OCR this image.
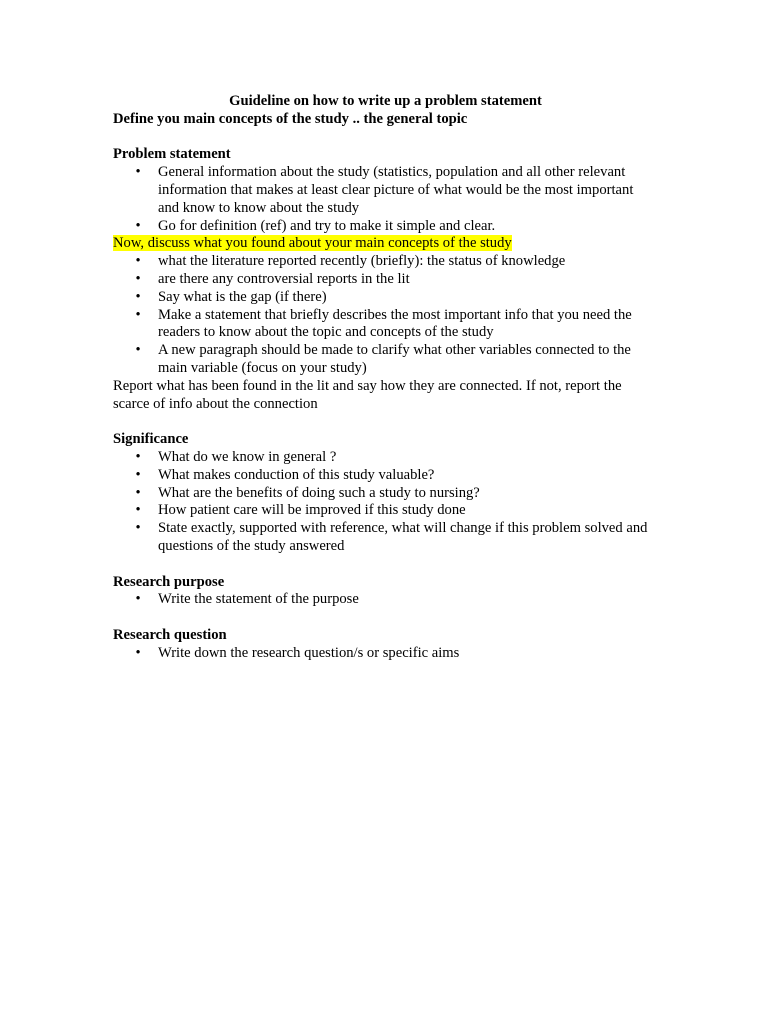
Guideline on how to write up a problem statement

Define you main concepts of the study .. the general topic

Problem statement

• General information about the study (statistics, population and all other relevant information that makes at least clear picture of what would be the most important and know to know about the study
• Go for definition (ref) and try to make it simple and clear.

Now, discuss what you found about your main concepts of the study

• what the literature reported recently (briefly): the status of knowledge
• are there any controversial reports in the lit
• Say what is the gap (if there)
• Make a statement that briefly describes the most important info that you need the readers to know about the topic and concepts of the study
• A new paragraph should be made to clarify what other variables connected to the main variable (focus on your study)

Report what has been found in the lit and say how they are connected. If not, report the scarce of info about the connection

Significance

• What do we know in general ?
• What makes conduction of this study valuable?
• What are the benefits of doing such a study to nursing?
• How patient care will be improved if this study done
• State exactly, supported with reference, what will change if this problem solved and questions of the study answered

Research purpose

• Write the statement of the purpose

Research question

• Write down the research question/s or specific aims
